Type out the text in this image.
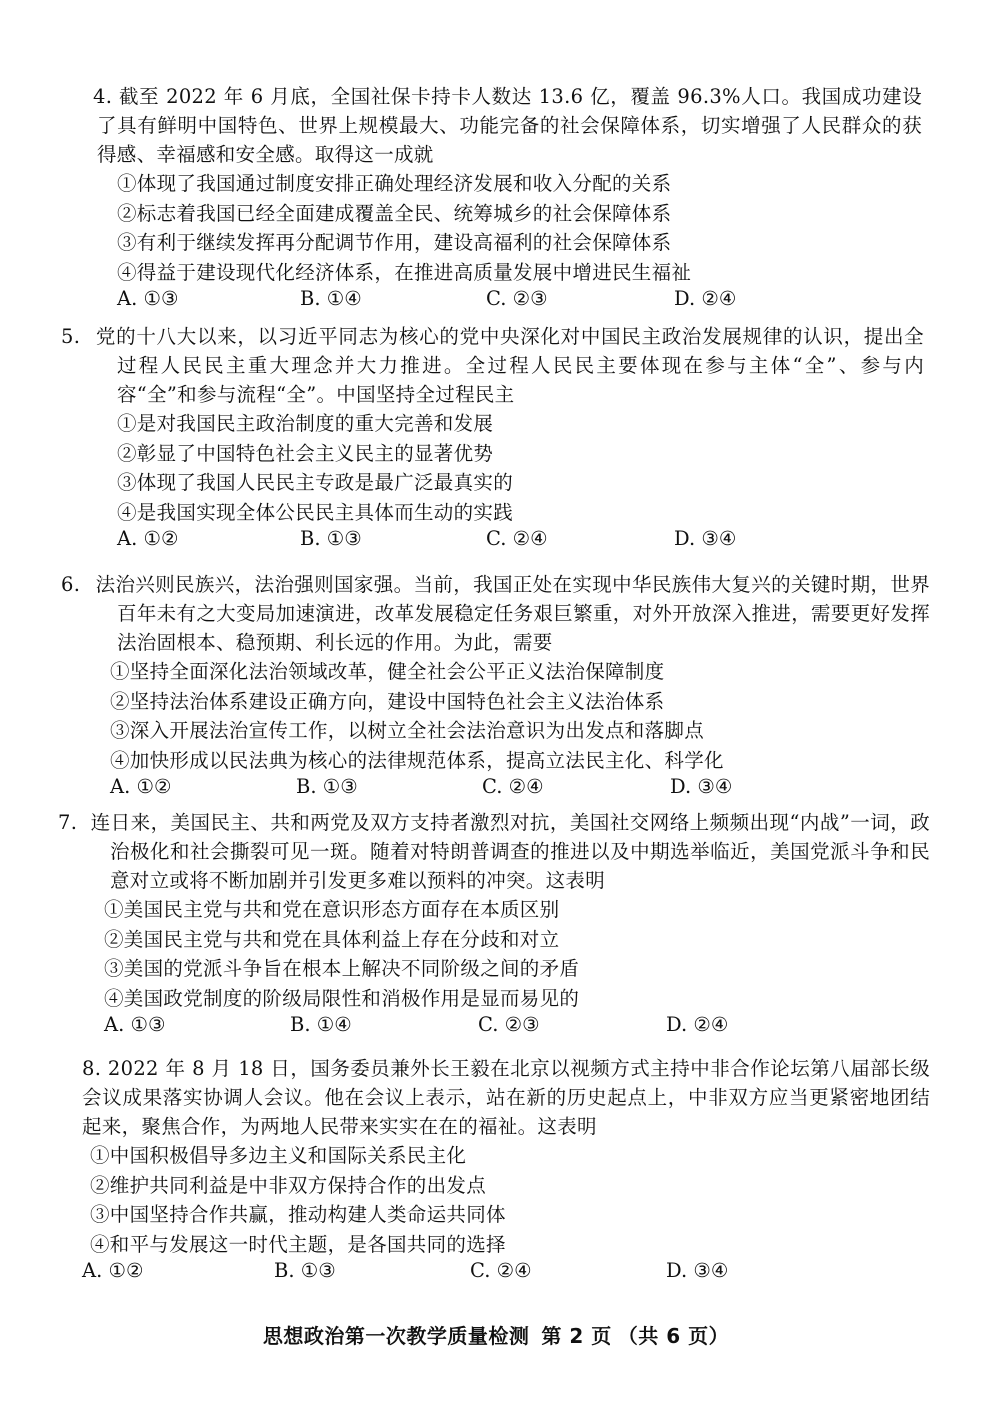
4. 截至 2022 年 6 月底，全国社保卡持卡人数达 13.6 亿，覆盖 96.3%人口。我国成功建设了具有鲜明中国特色、世界上规模最大、功能完备的社会保障体系，切实增强了人民群众的获得感、幸福感和安全感。取得这一成就

①体现了我国通过制度安排正确处理经济发展和收入分配的关系

②标志着我国已经全面建成覆盖全民、统筹城乡的社会保障体系

③有利于继续发挥再分配调节作用，建设高福利的社会保障体系

④得益于建设现代化经济体系，在推进高质量发展中增进民生福祉

A. ①③	B. ①④	C. ②③	D. ②④

5. 党的十八大以来，以习近平同志为核心的党中央深化对中国民主政治发展规律的认识，提出全过程人民民主重大理念并大力推进。全过程人民民主要体现在参与主体“全”、参与内容“全”和参与流程“全”。中国坚持全过程民主

①是对我国民主政治制度的重大完善和发展

②彰显了中国特色社会主义民主的显著优势

③体现了我国人民民主专政是最广泛最真实的

④是我国实现全体公民民主具体而生动的实践

A. ①②	B. ①③	C. ②④	D. ③④

6. 法治兴则民族兴，法治强则国家强。当前，我国正处在实现中华民族伟大复兴的关键时期，世界百年未有之大变局加速演进，改革发展稳定任务艰巨繁重，对外开放深入推进，需要更好发挥法治固根本、稳预期、利长远的作用。为此，需要

①坚持全面深化法治领域改革，健全社会公平正义法治保障制度

②坚持法治体系建设正确方向，建设中国特色社会主义法治体系

③深入开展法治宣传工作，以树立全社会法治意识为出发点和落脚点

④加快形成以民法典为核心的法律规范体系，提高立法民主化、科学化

A. ①②	B. ①③	C. ②④	D. ③④

7. 连日来，美国民主、共和两党及双方支持者激烈对抗，美国社交网络上频频出现“内战”一词，政治极化和社会撕裂可见一斑。随着对特朗普调查的推进以及中期选举临近，美国党派斗争和民意对立或将不断加剧并引发更多难以预料的冲突。这表明

①美国民主党与共和党在意识形态方面存在本质区别

②美国民主党与共和党在具体利益上存在分歧和对立

③美国的党派斗争旨在根本上解决不同阶级之间的矛盾

④美国政党制度的阶级局限性和消极作用是显而易见的

A. ①③	B. ①④	C. ②③	D. ②④

8. 2022 年 8 月 18 日，国务委员兼外长王毅在北京以视频方式主持中非合作论坛第八届部长级会议成果落实协调人会议。他在会议上表示，站在新的历史起点上，中非双方应当更紧密地团结起来，聚焦合作，为两地人民带来实实在在的福祉。这表明

①中国积极倡导多边主义和国际关系民主化

②维护共同利益是中非双方保持合作的出发点

③中国坚持合作共赢，推动构建人类命运共同体

④和平与发展这一时代主题，是各国共同的选择

A. ①②	B. ①③	C. ②④	D. ③④
思想政治第一次教学质量检测 第 2 页 （共 6 页）
